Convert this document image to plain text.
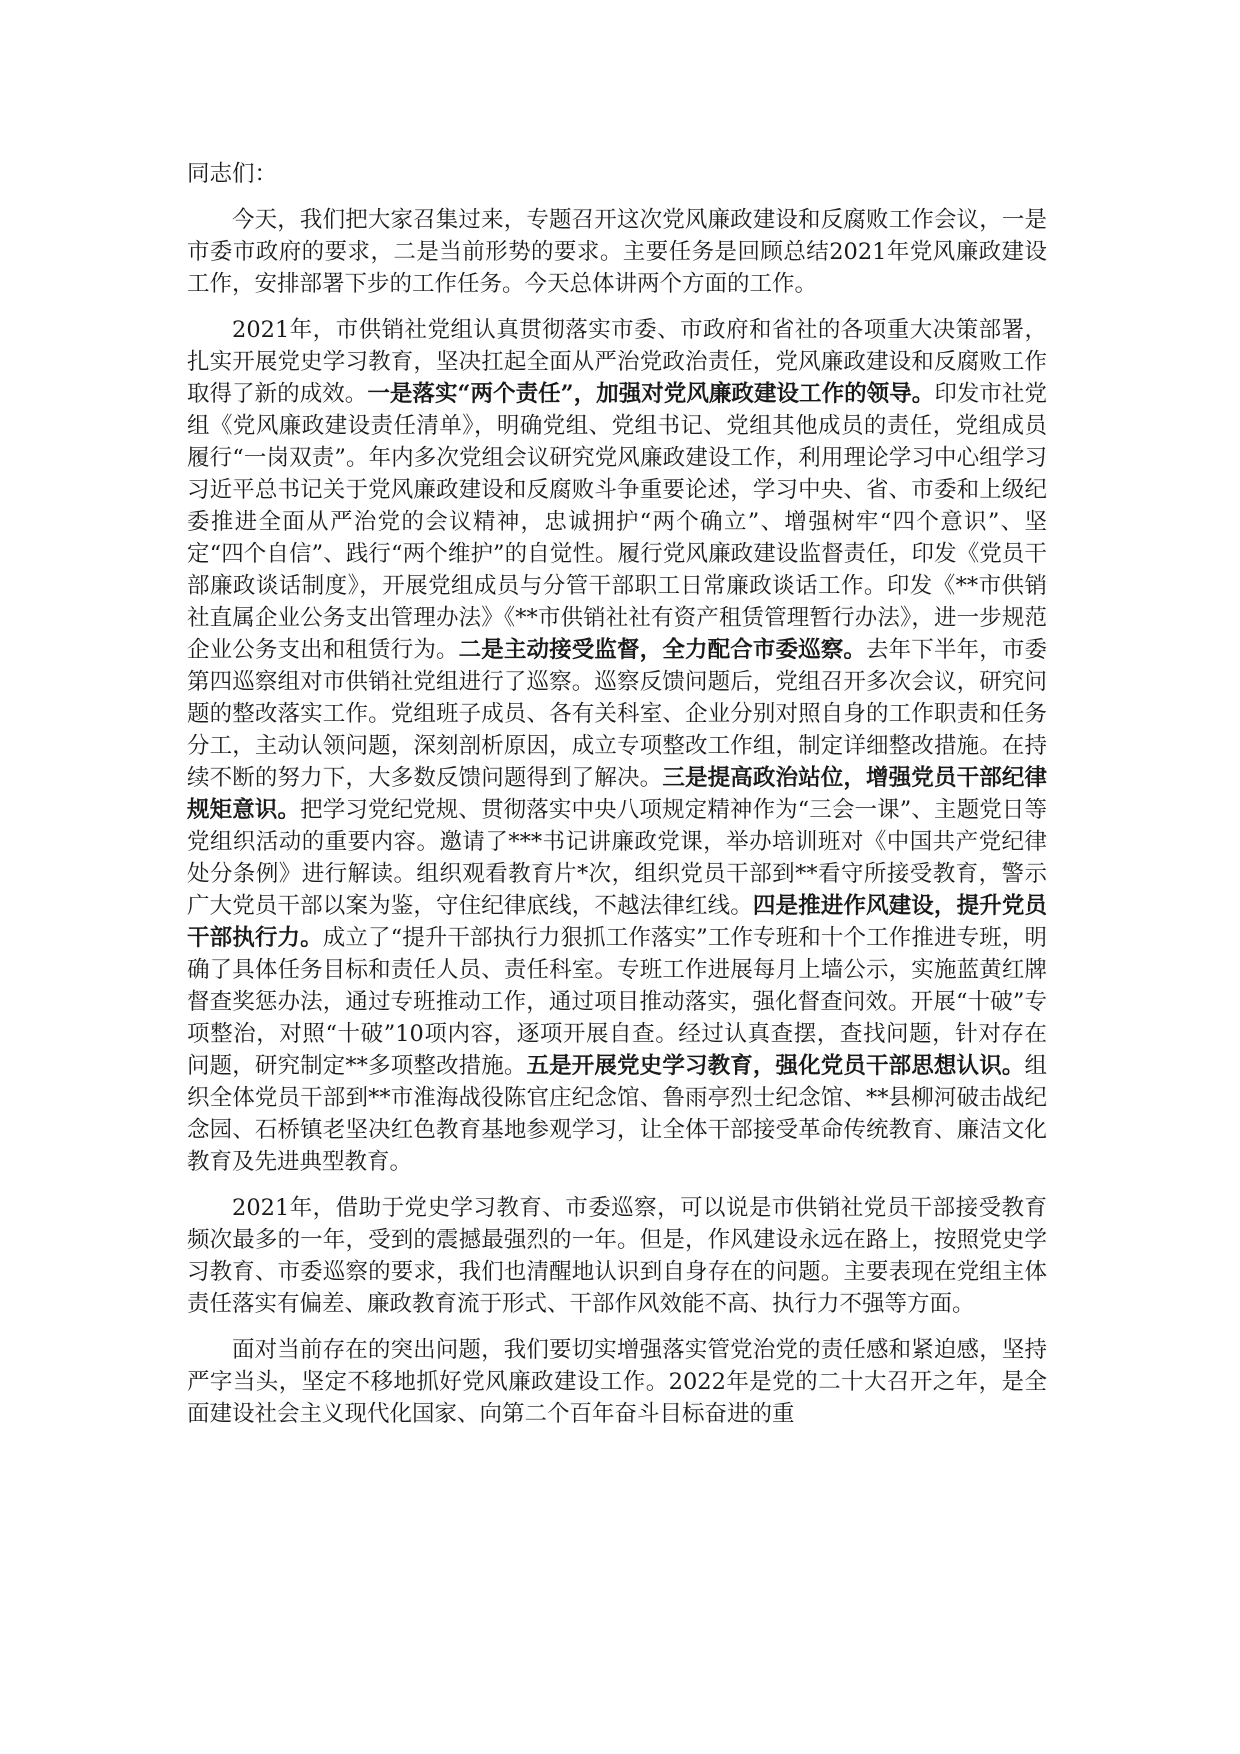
同志们：

今天，我们把大家召集过来，专题召开这次党风廉政建设和反腐败工作会议，一是市委市政府的要求，二是当前形势的要求。主要任务是回顾总结2021年党风廉政建设工作，安排部署下步的工作任务。今天总体讲两个方面的工作。

2021年，市供销社党组认真贯彻落实市委、市政府和省社的各项重大决策部署，扎实开展党史学习教育，坚决扛起全面从严治党政治责任，党风廉政建设和反腐败工作取得了新的成效。一是落实“两个责任”，加强对党风廉政建设工作的领导。印发市社党组《党风廉政建设责任清单》，明确党组、党组书记、党组其他成员的责任，党组成员履行“一岗双责”。年内多次党组会议研究党风廉政建设工作，利用理论学习中心组学习习近平总书记关于党风廉政建设和反腐败斗争重要论述，学习中央、省、市委和上级纪委推进全面从严治党的会议精神，忠诚拥护“两个确立”、增强树牢“四个意识”、坚定“四个自信”、践行“两个维护”的自觉性。履行党风廉政建设监督责任，印发《党员干部廉政谈话制度》，开展党组成员与分管干部职工日常廉政谈话工作。印发《**市供销社直属企业公务支出管理办法》《**市供销社社有资产租赁管理暂行办法》，进一步规范企业公务支出和租赁行为。二是主动接受监督，全力配合市委巡察。去年下半年，市委第四巡察组对市供销社党组进行了巡察。巡察反馈问题后，党组召开多次会议，研究问题的整改落实工作。党组班子成员、各有关科室、企业分别对照自身的工作职责和任务分工，主动认领问题，深刻剖析原因，成立专项整改工作组，制定详细整改措施。在持续不断的努力下，大多数反馈问题得到了解决。三是提高政治站位，增强党员干部纪律规矩意识。把学习党纪党规、贯彻落实中央八项规定精神作为“三会一课”、主题党日等党组织活动的重要内容。邀请了***书记讲廉政党课，举办培训班对《中国共产党纪律处分条例》进行解读。组织观看教育片*次，组织党员干部到**看守所接受教育，警示广大党员干部以案为鉴，守住纪律底线，不越法律红线。四是推进作风建设，提升党员干部执行力。成立了“提升干部执行力狠抓工作落实”工作专班和十个工作推进专班，明确了具体任务目标和责任人员、责任科室。专班工作进展每月上墙公示，实施蓝黄红牌督查奖惩办法，通过专班推动工作，通过项目推动落实，强化督查问效。开展“十破”专项整治，对照“十破”10项内容，逐项开展自查。经过认真查摆，查找问题，针对存在问题，研究制定**多项整改措施。五是开展党史学习教育，强化党员干部思想认识。组织全体党员干部到**市淮海战役陈官庄纪念馆、鲁雨亭烈士纪念馆、**县柳河破击战纪念园、石桥镇老坚决红色教育基地参观学习，让全体干部接受革命传统教育、廉洁文化教育及先进典型教育。

2021年，借助于党史学习教育、市委巡察，可以说是市供销社党员干部接受教育频次最多的一年，受到的震撼最强烈的一年。但是，作风建设永远在路上，按照党史学习教育、市委巡察的要求，我们也清醒地认识到自身存在的问题。主要表现在党组主体责任落实有偏差、廉政教育流于形式、干部作风效能不高、执行力不强等方面。

面对当前存在的突出问题，我们要切实增强落实管党治党的责任感和紧迫感，坚持严字当头，坚定不移地抓好党风廉政建设工作。2022年是党的二十大召开之年，是全面建设社会主义现代化国家、向第二个百年奋斗目标奋进的重
